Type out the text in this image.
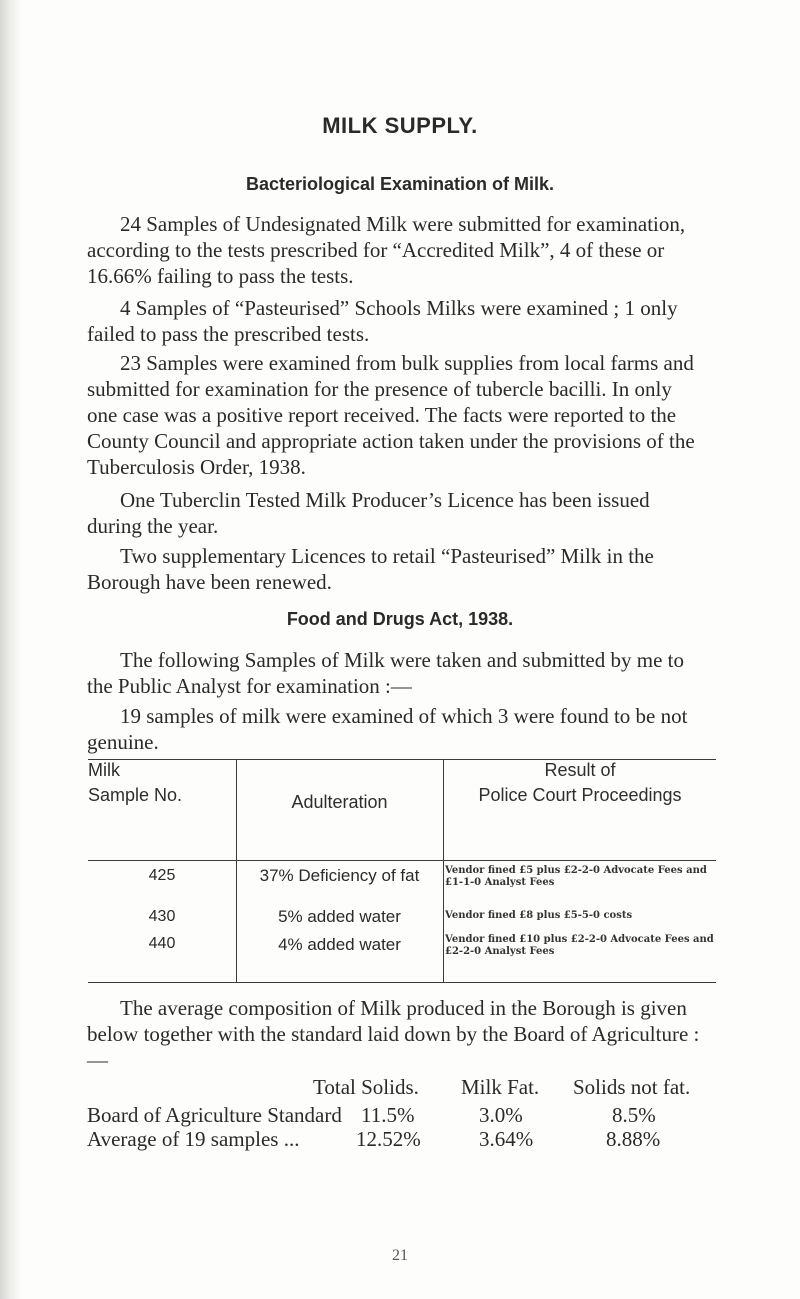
MILK SUPPLY.
Bacteriological Examination of Milk.

24 Samples of Undesignated Milk were submitted for examination, according to the tests prescribed for “Accredited Milk”, 4 of these or 16.66% failing to pass the tests.

4 Samples of “Pasteurised” Schools Milks were examined ; 1 only failed to pass the prescribed tests.

23 Samples were examined from bulk supplies from local farms and submitted for examination for the presence of tubercle bacilli. In only one case was a positive report received. The facts were reported to the County Council and appropriate action taken under the provisions of the Tuberculosis Order, 1938.

One Tuberclin Tested Milk Producer’s Licence has been issued during the year.

Two supplementary Licences to retail “Pasteurised” Milk in the Borough have been renewed.

Food and Drugs Act, 1938.

The following Samples of Milk were taken and submitted by me to the Public Analyst for examination :—

19 samples of milk were examined of which 3 were found to be not genuine.

Milk
Sample No.	Adulteration
Result of
Police Court Proceedings
425	37% Deficiency of fat	Vendor fined £5 plus £2-2-0 Advocate Fees and £1-1-0 Analyst Fees
430	5% added water	Vendor fined £8 plus £5-5-0 costs
440	4% added water	Vendor fined £10 plus £2-2-0 Advocate Fees and £2-2-0 Analyst Fees

The average composition of Milk produced in the Borough is given below together with the standard laid down by the Board of Agriculture :—

Total Solids. Milk Fat. Solids not fat.
Board of Agriculture Standard 11.5%	3.0%	8.5%
Average of 19 samples ...	12.52%	3.64%	8.88%
21
